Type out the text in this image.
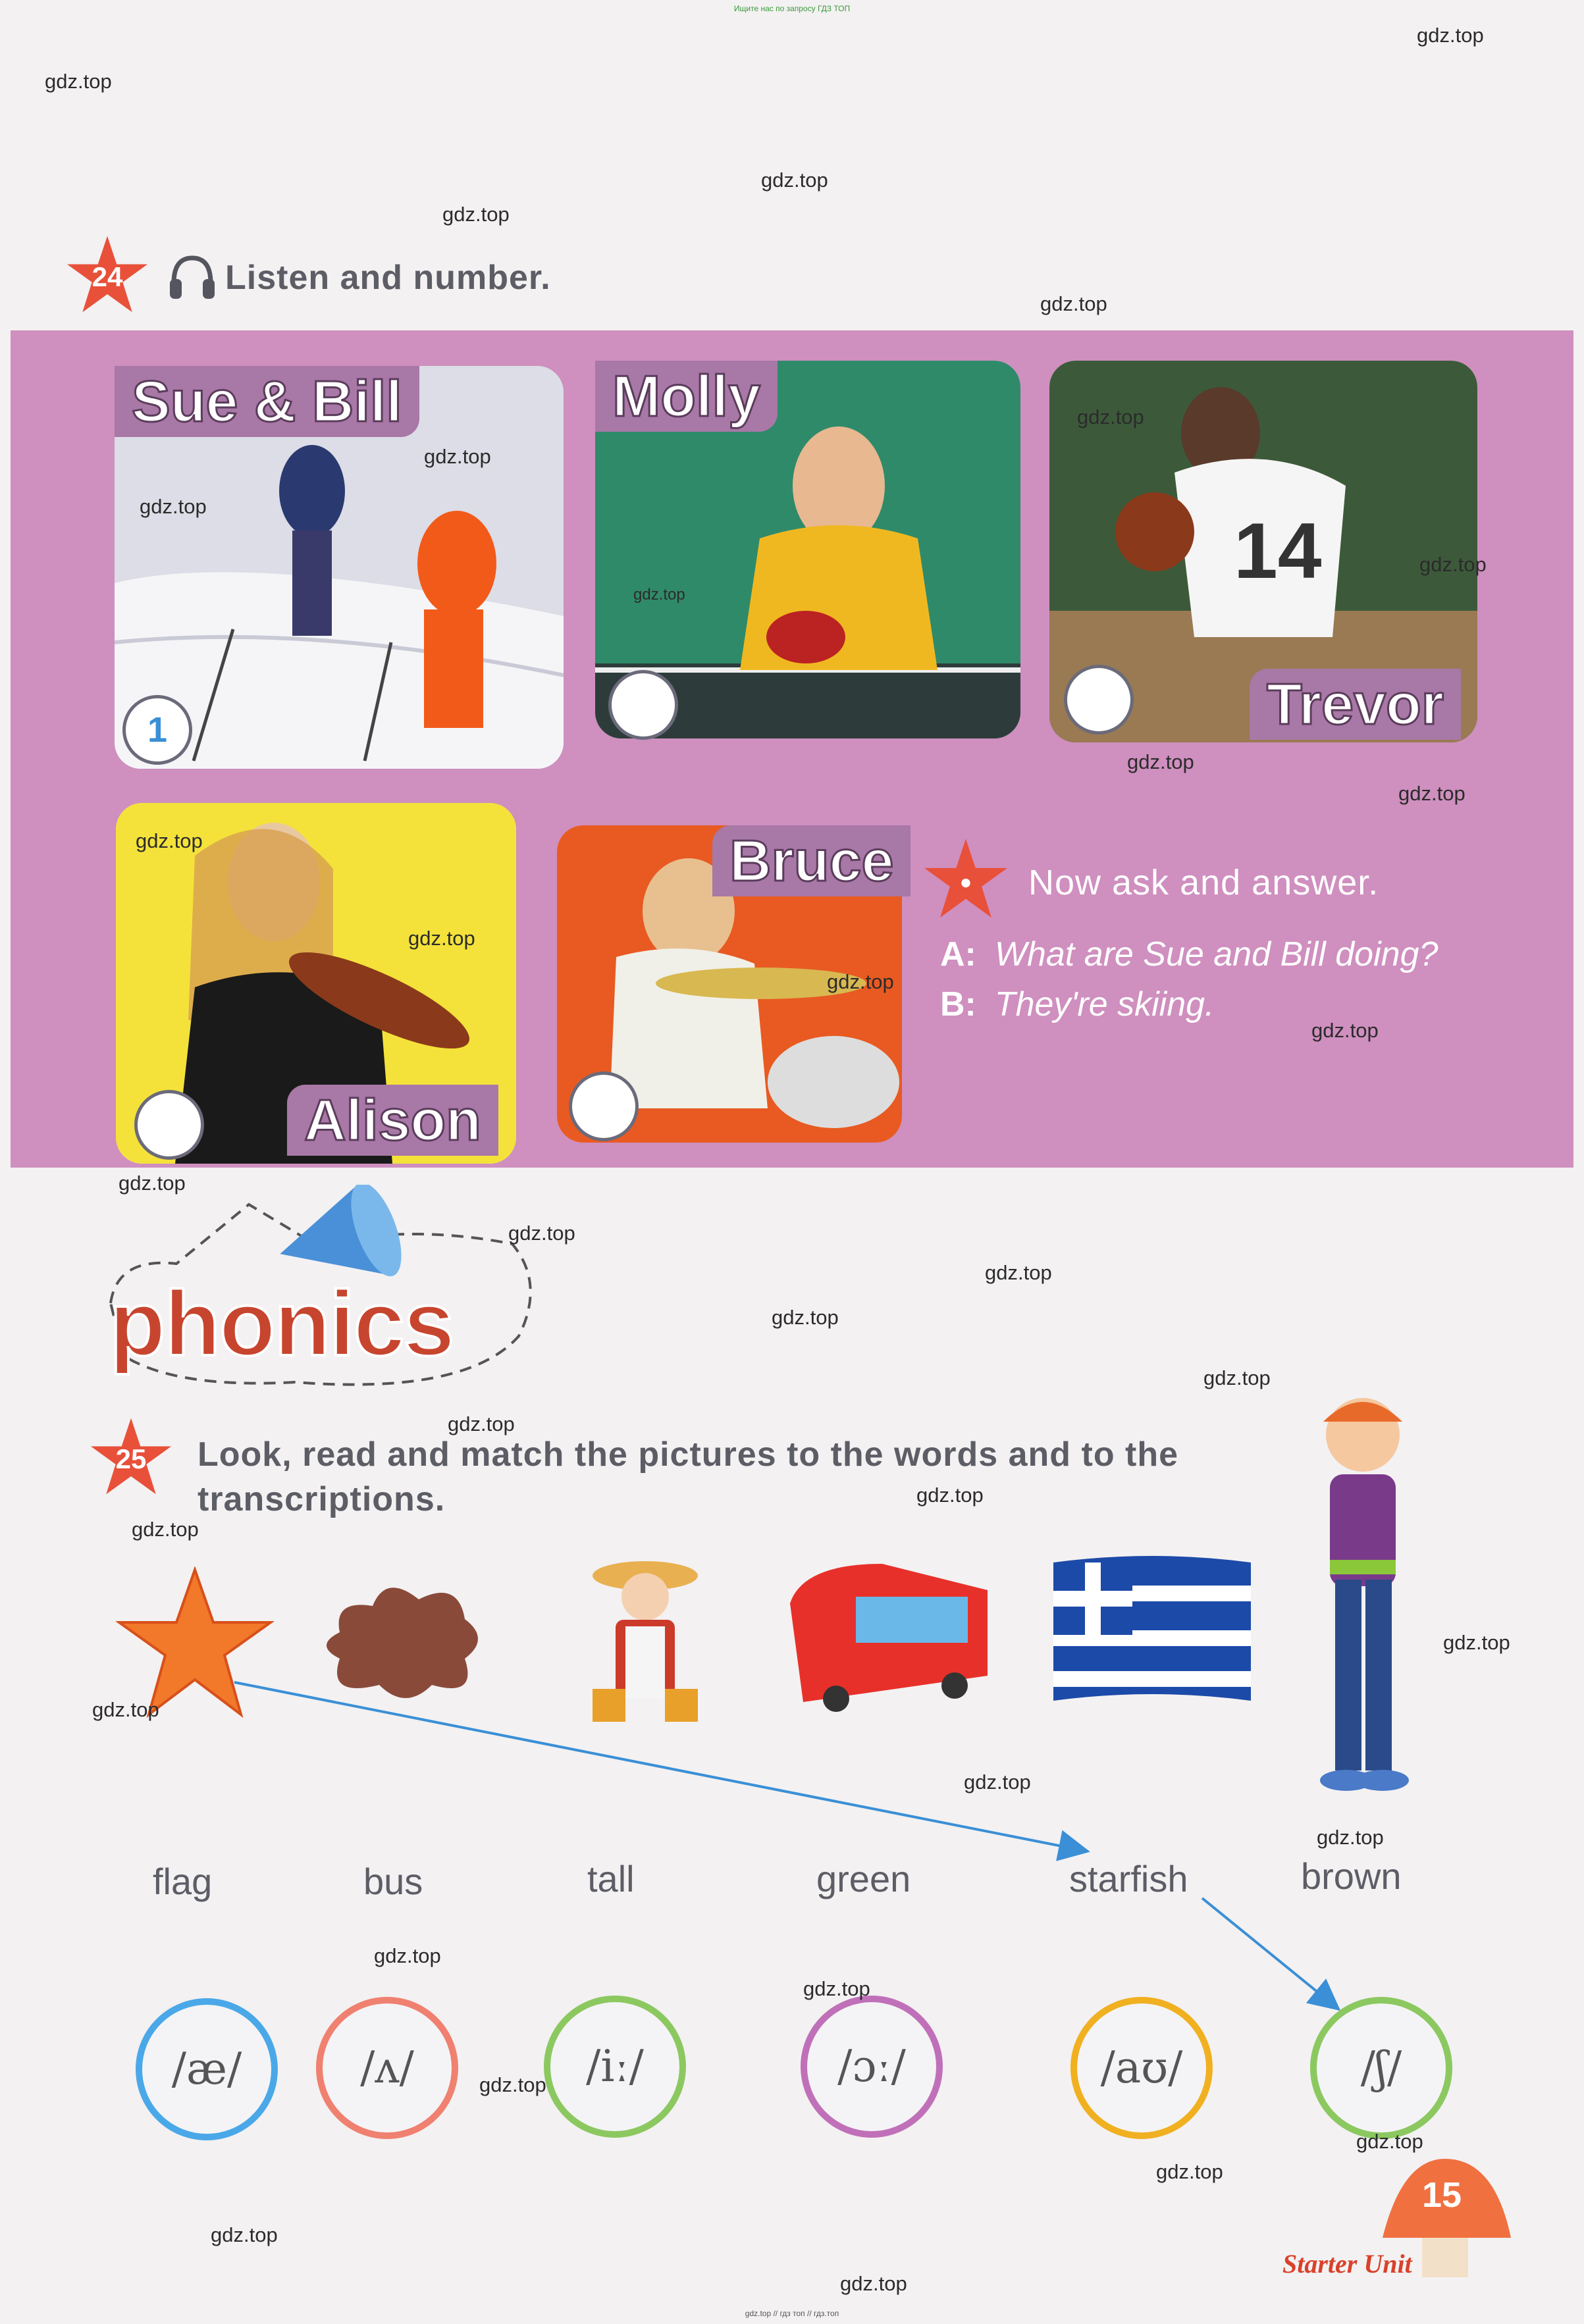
Ищите нас по запросу ГДЗ ТОП
gdz.top // гдз топ // гдз.топ
24	Listen and number.
Sue & Bill
1
Molly
14
Trevor
Alison
Bruce	Now ask and answer.
A: What are Sue and Bill doing?
B: They're skiing.
phonics
25	Look, read and match the pictures to the words and to the
transcriptions.
flag	bus	tall	green	starfish	brown
/æ/	/ʌ/	/iː/	/ɔː/	/aʊ/	/ʃ/
15
Starter Unit
gdz.top
gdz.top
gdz.top
gdz.top
gdz.top
gdz.top
gdz.top
gdz.top
gdz.top
gdz.top
gdz.top
gdz.top
gdz.top
gdz.top
gdz.top
gdz.top
gdz.top
gdz.top
gdz.top
gdz.top
gdz.top
gdz.top
gdz.top
gdz.top
gdz.top
gdz.top
gdz.top
gdz.top
gdz.top
gdz.top
gdz.top
gdz.top
gdz.top
gdz.top
gdz.top
